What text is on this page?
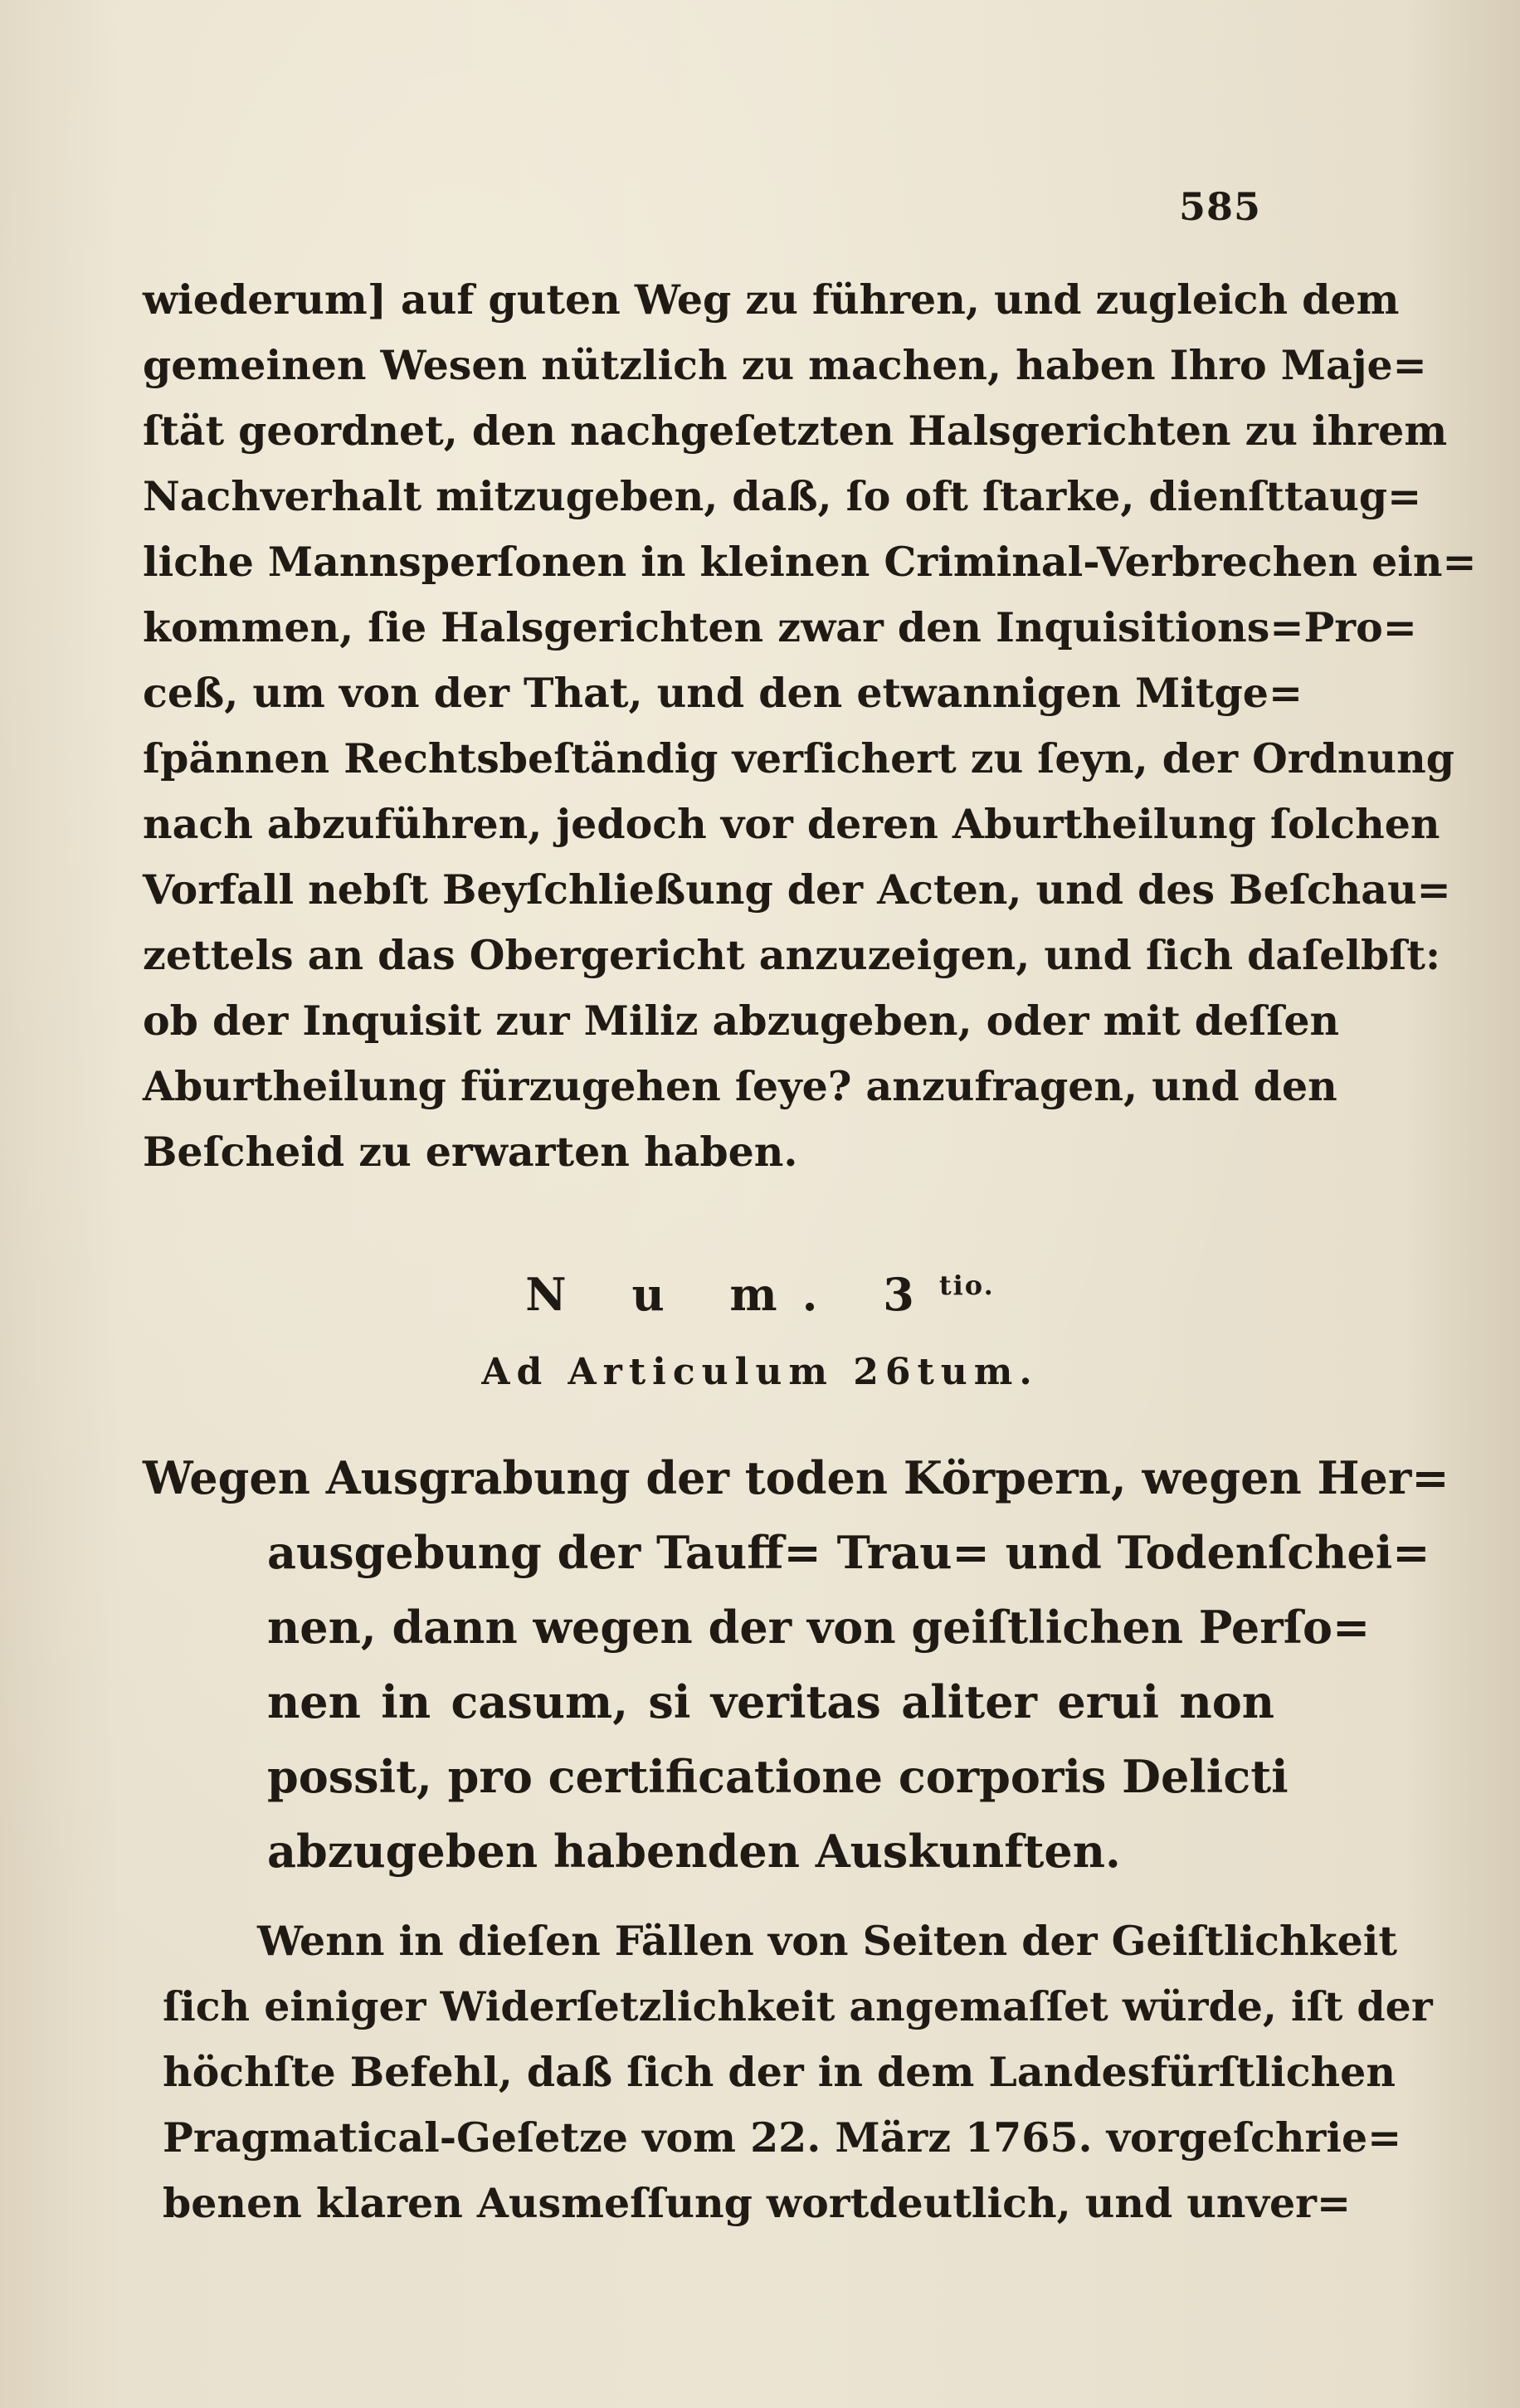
585
wiederum] auf guten Weg zu führen, und zugleich dem
gemeinen Wesen nützlich zu machen, haben Ihro Maje=
ſtät geordnet, den nachgeſetzten Halsgerichten zu ihrem
Nachverhalt mitzugeben, daß, ſo oft ſtarke, dienſttaug=
liche Mannsperſonen in kleinen Criminal-Verbrechen ein=
kommen, ſie Halsgerichten zwar den Inquisitions=Pro=
ceß, um von der That, und den etwannigen Mitge=
ſpännen Rechtsbeſtändig verſichert zu ſeyn, der Ordnung
nach abzuführen, jedoch vor deren Aburtheilung ſolchen
Vorfall nebſt Beyſchließung der Acten, und des Beſchau=
zettels an das Obergericht anzuzeigen, und ſich daſelbſt:
ob der Inquisit zur Miliz abzugeben, oder mit deſſen
Aburtheilung fürzugehen ſeye? anzufragen, und den
Beſcheid zu erwarten haben.
N u m. $3^{tio.}$
Ad Articulum 26tum.
Wegen Ausgrabung der toden Körpern, wegen Her=
ausgebung der Tauff= Trau= und Todenſchei=
nen, dann wegen der von geiſtlichen Perſo=
nen in casum, si veritas aliter erui non
possit, pro certificatione corporis Delicti
abzugeben habenden Auskunften.
Wenn in dieſen Fällen von Seiten der Geiſtlichkeit
ſich einiger Widerſetzlichkeit angemaſſet würde, iſt der
höchſte Befehl, daß ſich der in dem Landesfürſtlichen
Pragmatical-Geſetze vom 22. März 1765. vorgeſchrie=
benen klaren Ausmeſſung wortdeutlich, und unver=
